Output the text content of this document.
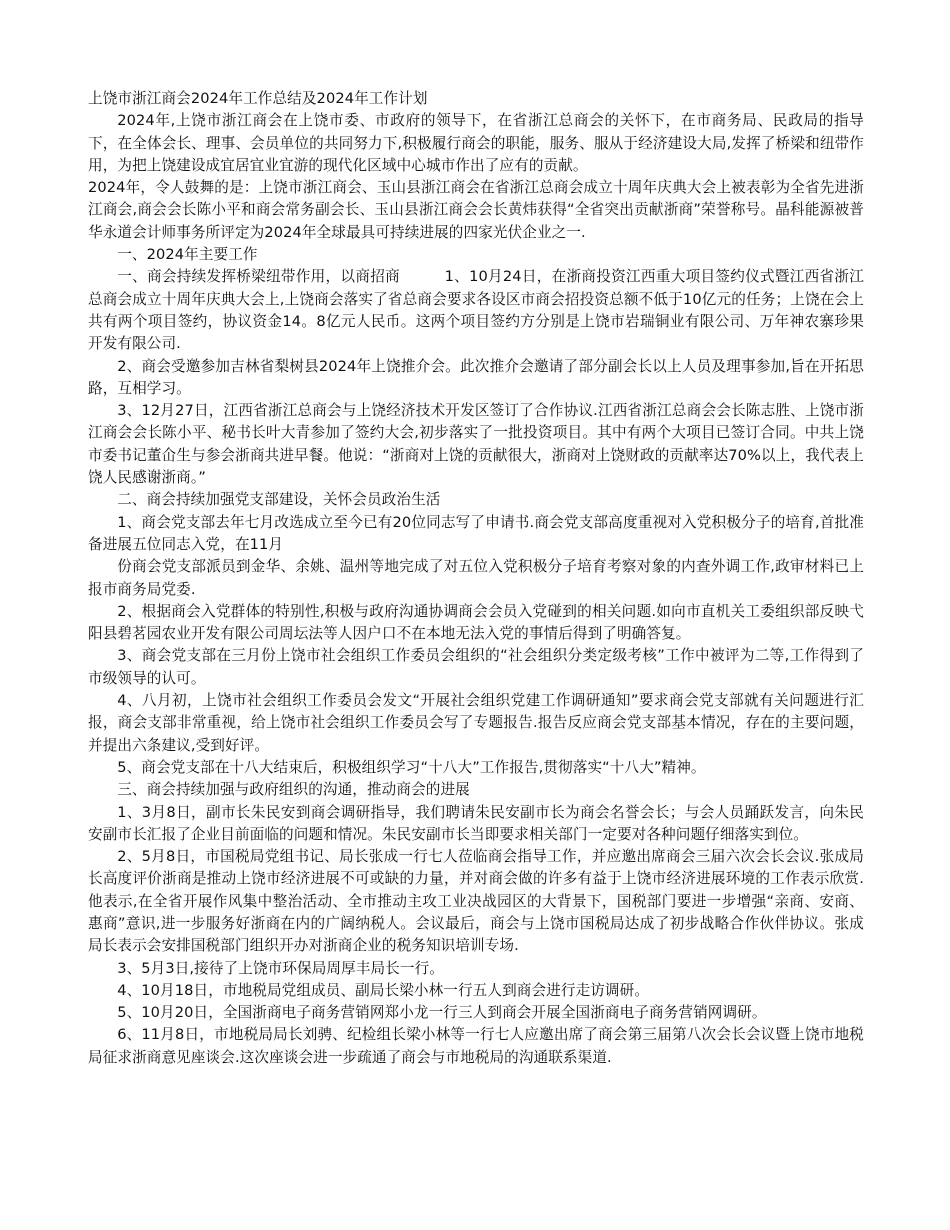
上饶市浙江商会2024年工作总结及2024年工作计划

2024年,上饶市浙江商会在上饶市委、市政府的领导下，在省浙江总商会的关怀下，在市商务局、民政局的指导下，在全体会长、理事、会员单位的共同努力下,积极履行商会的职能，服务、服从于经济建设大局,发挥了桥梁和纽带作用，为把上饶建设成宜居宜业宜游的现代化区域中心城市作出了应有的贡献。

2024年，令人鼓舞的是：上饶市浙江商会、玉山县浙江商会在省浙江总商会成立十周年庆典大会上被表彰为全省先进浙江商会,商会会长陈小平和商会常务副会长、玉山县浙江商会会长黄炜获得“全省突出贡献浙商”荣誉称号。晶科能源被普华永道会计师事务所评定为2024年全球最具可持续进展的四家光伏企业之一.

一、2024年主要工作

一、商会持续发挥桥梁纽带作用，以商招商　　　1、10月24日，在浙商投资江西重大项目签约仪式暨江西省浙江总商会成立十周年庆典大会上,上饶商会落实了省总商会要求各设区市商会招投资总额不低于10亿元的任务；上饶在会上共有两个项目签约，协议资金14。8亿元人民币。这两个项目签约方分别是上饶市岩瑞铜业有限公司、万年神农寨珍果开发有限公司.

2、商会受邀参加吉林省梨树县2024年上饶推介会。此次推介会邀请了部分副会长以上人员及理事参加,旨在开拓思路，互相学习。

3、12月27日，江西省浙江总商会与上饶经济技术开发区签订了合作协议.江西省浙江总商会会长陈志胜、上饶市浙江商会会长陈小平、秘书长叶大青参加了签约大会,初步落实了一批投资项目。其中有两个大项目已签订合同。中共上饶市委书记董仚生与参会浙商共进早餐。他说：“浙商对上饶的贡献很大，浙商对上饶财政的贡献率达70%以上，我代表上饶人民感谢浙商。”

二、商会持续加强党支部建设，关怀会员政治生活

1、商会党支部去年七月改选成立至今已有20位同志写了申请书.商会党支部高度重视对入党积极分子的培育,首批准备进展五位同志入党，在11月

份商会党支部派员到金华、余姚、温州等地完成了对五位入党积极分子培育考察对象的内查外调工作,政审材料已上报市商务局党委.

2、根据商会入党群体的特别性,积极与政府沟通协调商会会员入党碰到的相关问题.如向市直机关工委组织部反映弋阳县碧茗园农业开发有限公司周坛法等人因户口不在本地无法入党的事情后得到了明确答复。

3、商会党支部在三月份上饶市社会组织工作委员会组织的“社会组织分类定级考核”工作中被评为二等,工作得到了市级领导的认可。

4、八月初，上饶市社会组织工作委员会发文“开展社会组织党建工作调研通知”要求商会党支部就有关问题进行汇报，商会支部非常重视，给上饶市社会组织工作委员会写了专题报告.报告反应商会党支部基本情况，存在的主要问题，并提出六条建议,受到好评。

5、商会党支部在十八大结束后，积极组织学习“十八大”工作报告,贯彻落实“十八大”精神。

三、商会持续加强与政府组织的沟通，推动商会的进展

1、3月8日，副市长朱民安到商会调研指导，我们聘请朱民安副市长为商会名誉会长；与会人员踊跃发言，向朱民安副市长汇报了企业目前面临的问题和情况。朱民安副市长当即要求相关部门一定要对各种问题仔细落实到位。

2、5月8日，市国税局党组书记、局长张成一行七人莅临商会指导工作，并应邀出席商会三届六次会长会议.张成局长高度评价浙商是推动上饶市经济进展不可或缺的力量，并对商会做的许多有益于上饶市经济进展环境的工作表示欣赏.他表示,在全省开展作风集中整治活动、全市推动主攻工业决战园区的大背景下，国税部门要进一步增强“亲商、安商、惠商”意识,进一步服务好浙商在内的广阔纳税人。会议最后，商会与上饶市国税局达成了初步战略合作伙伴协议。张成局长表示会安排国税部门组织开办对浙商企业的税务知识培训专场.

3、5月3日,接待了上饶市环保局周厚丰局长一行。

4、10月18日，市地税局党组成员、副局长梁小林一行五人到商会进行走访调研。

5、10月20日，全国浙商电子商务营销网郑小龙一行三人到商会开展全国浙商电子商务营销网调研。

6、11月8日，市地税局局长刘骋、纪检组长梁小林等一行七人应邀出席了商会第三届第八次会长会议暨上饶市地税局征求浙商意见座谈会.这次座谈会进一步疏通了商会与市地税局的沟通联系渠道.
